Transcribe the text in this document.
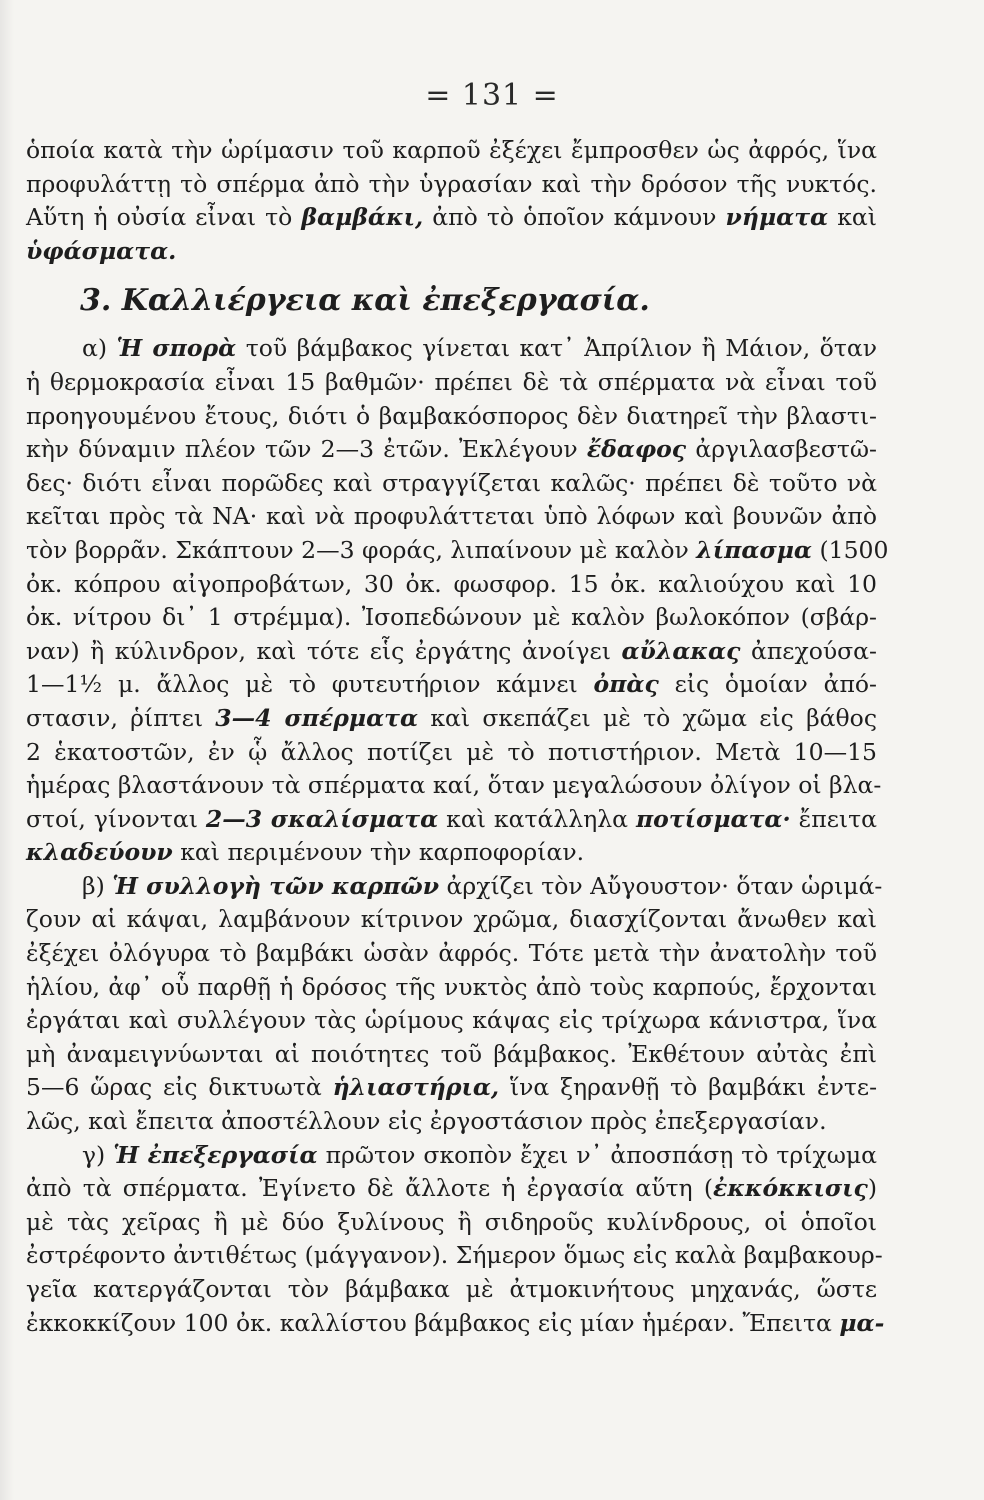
= 131 =
ὁποία κατὰ τὴν ὡρίμασιν τοῦ καρποῦ ἐξέχει ἔμπροσθεν ὡς ἀφρός, ἵνα
προφυλάττῃ τὸ σπέρμα ἀπὸ τὴν ὑγρασίαν καὶ τὴν δρόσον τῆς νυκτός.
Αὕτη ἡ οὐσία εἶναι τὸ βαμβάκι, ἀπὸ τὸ ὁποῖον κάμνουν νήματα καὶ
ὑφάσματα.
3. Καλλιέργεια καὶ ἐπεξεργασία.
α) Ἡ σπορὰ τοῦ βάμβακος γίνεται κατ᾽ Ἀπρίλιον ἢ Μάιον, ὅταν
ἡ θερμοκρασία εἶναι 15 βαθμῶν· πρέπει δὲ τὰ σπέρματα νὰ εἶναι τοῦ
προηγουμένου ἔτους, διότι ὁ βαμβακόσπορος δὲν διατηρεῖ τὴν βλαστι-
κὴν δύναμιν πλέον τῶν 2—3 ἐτῶν. Ἐκλέγουν ἔδαφος ἀργιλασβεστῶ-
δες· διότι εἶναι πορῶδες καὶ στραγγίζεται καλῶς· πρέπει δὲ τοῦτο νὰ
κεῖται πρὸς τὰ ΝΑ· καὶ νὰ προφυλάττεται ὑπὸ λόφων καὶ βουνῶν ἀπὸ
τὸν βορρᾶν. Σκάπτουν 2—3 φοράς, λιπαίνουν μὲ καλὸν λίπασμα (1500
ὀκ. κόπρου αἰγοπροβάτων, 30 ὀκ. φωσφορ. 15 ὀκ. καλιούχου καὶ 10
ὀκ. νίτρου δι᾽ 1 στρέμμα). Ἰσοπεδώνουν μὲ καλὸν βωλοκόπον (σβάρ-
ναν) ἢ κύλινδρον, καὶ τότε εἷς ἐργάτης ἀνοίγει αὔλακας ἀπεχούσα-
1—1½ μ. ἄλλος μὲ τὸ φυτευτήριον κάμνει ὀπὰς εἰς ὁμοίαν ἀπό-
στασιν, ῥίπτει 3—4 σπέρματα καὶ σκεπάζει μὲ τὸ χῶμα εἰς βάθος
2 ἑκατοστῶν, ἐν ᾧ ἄλλος ποτίζει μὲ τὸ ποτιστήριον. Μετὰ 10—15
ἡμέρας βλαστάνουν τὰ σπέρματα καί, ὅταν μεγαλώσουν ὀλίγον οἱ βλα-
στοί, γίνονται 2—3 σκαλίσματα καὶ κατάλληλα ποτίσματα· ἔπειτα
κλαδεύουν καὶ περιμένουν τὴν καρποφορίαν.
β) Ἡ συλλογὴ τῶν καρπῶν ἀρχίζει τὸν Αὔγουστον· ὅταν ὡριμά-
ζουν αἱ κάψαι, λαμβάνουν κίτρινον χρῶμα, διασχίζονται ἄνωθεν καὶ
ἐξέχει ὀλόγυρα τὸ βαμβάκι ὡσὰν ἀφρός. Τότε μετὰ τὴν ἀνατολὴν τοῦ
ἡλίου, ἀφ᾽ οὗ παρθῇ ἡ δρόσος τῆς νυκτὸς ἀπὸ τοὺς καρπούς, ἔρχονται
ἐργάται καὶ συλλέγουν τὰς ὡρίμους κάψας εἰς τρίχωρα κάνιστρα, ἵνα
μὴ ἀναμειγνύωνται αἱ ποιότητες τοῦ βάμβακος. Ἐκθέτουν αὐτὰς ἐπὶ
5—6 ὥρας εἰς δικτυωτὰ ἡλιαστήρια, ἵνα ξηρανθῇ τὸ βαμβάκι ἐντε-
λῶς, καὶ ἔπειτα ἀποστέλλουν εἰς ἐργοστάσιον πρὸς ἐπεξεργασίαν.
γ) Ἡ ἐπεξεργασία πρῶτον σκοπὸν ἔχει ν᾽ ἀποσπάσῃ τὸ τρίχωμα
ἀπὸ τὰ σπέρματα. Ἐγίνετο δὲ ἄλλοτε ἡ ἐργασία αὕτη (ἐκκόκκισις)
μὲ τὰς χεῖρας ἢ μὲ δύο ξυλίνους ἢ σιδηροῦς κυλίνδρους, οἱ ὁποῖοι
ἐστρέφοντο ἀντιθέτως (μάγγανον). Σήμερον ὅμως εἰς καλὰ βαμβακουρ-
γεῖα κατεργάζονται τὸν βάμβακα μὲ ἀτμοκινήτους μηχανάς, ὥστε
ἐκκοκκίζουν 100 ὀκ. καλλίστου βάμβακος εἰς μίαν ἡμέραν. Ἔπειτα μα-
